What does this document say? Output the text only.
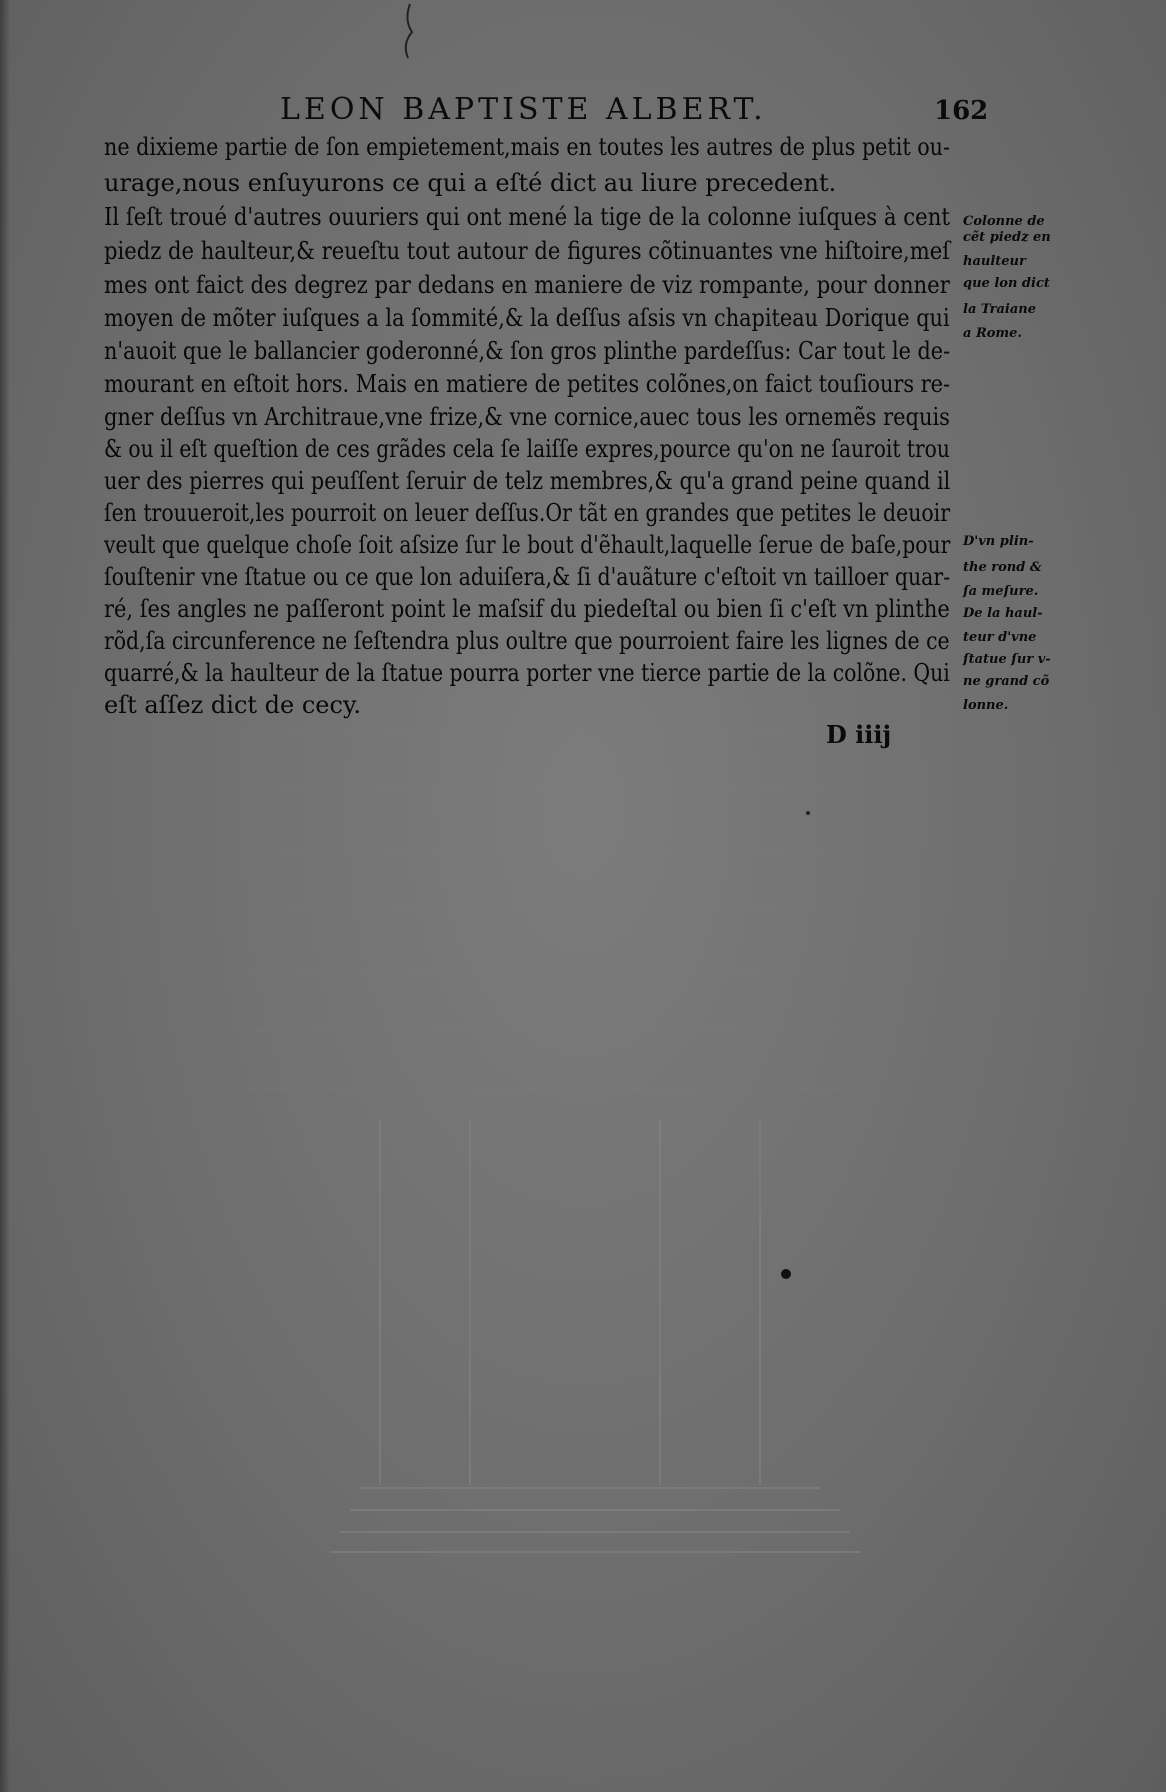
LEON BAPTISTE ALBERT.	162
ne dixieme partie de ſon empietement,mais en toutes les autres de plus petit ou-
urage,nous enſuyurons ce qui a eſté dict au liure precedent.
Il ſeſt troué d'autres ouuriers qui ont mené la tige de la colonne iuſques à cent
piedz de haulteur,& reueſtu tout autour de figures cõtinuantes vne hiſtoire,meſ
mes ont faict des degrez par dedans en maniere de viz rompante, pour donner
moyen de mõter iuſques a la ſommité,& la deſſus aſsis vn chapiteau Dorique qui
n'auoit que le ballancier goderonné,& ſon gros plinthe pardeſſus: Car tout le de-
mourant en eſtoit hors. Mais en matiere de petites colõnes,on faict touſiours re-
gner deſſus vn Architraue,vne frize,& vne cornice,auec tous les ornemẽs requis
& ou il eſt queſtion de ces grãdes cela ſe laiſſe expres,pource qu'on ne ſauroit trou
uer des pierres qui peuſſent ſeruir de telz membres,& qu'a grand peine quand il
ſen trouueroit,les pourroit on leuer deſſus.Or tãt en grandes que petites le deuoir
veult que quelque choſe ſoit aſsize ſur le bout d'ẽhault,laquelle ſerue de baſe,pour
ſouſtenir vne ſtatue ou ce que lon aduiſera,& ſi d'auãture c'eſtoit vn tailloer quar-
ré, ſes angles ne paſſeront point le maſsif du piedeſtal ou bien ſi c'eſt vn plinthe
rõd,ſa circunference ne ſeſtendra plus oultre que pourroient faire les lignes de ce
quarré,& la haulteur de la ſtatue pourra porter vne tierce partie de la colõne. Qui
eſt aſſez dict de cecy.
Colonne de
cẽt piedz en
haulteur
que lon dict
la Traiane
a Rome.
D'vn plin-
the rond &
ſa meſure.
De la haul-
teur d'vne
ſtatue ſur v-
ne grand cõ
lonne.
D iiij
